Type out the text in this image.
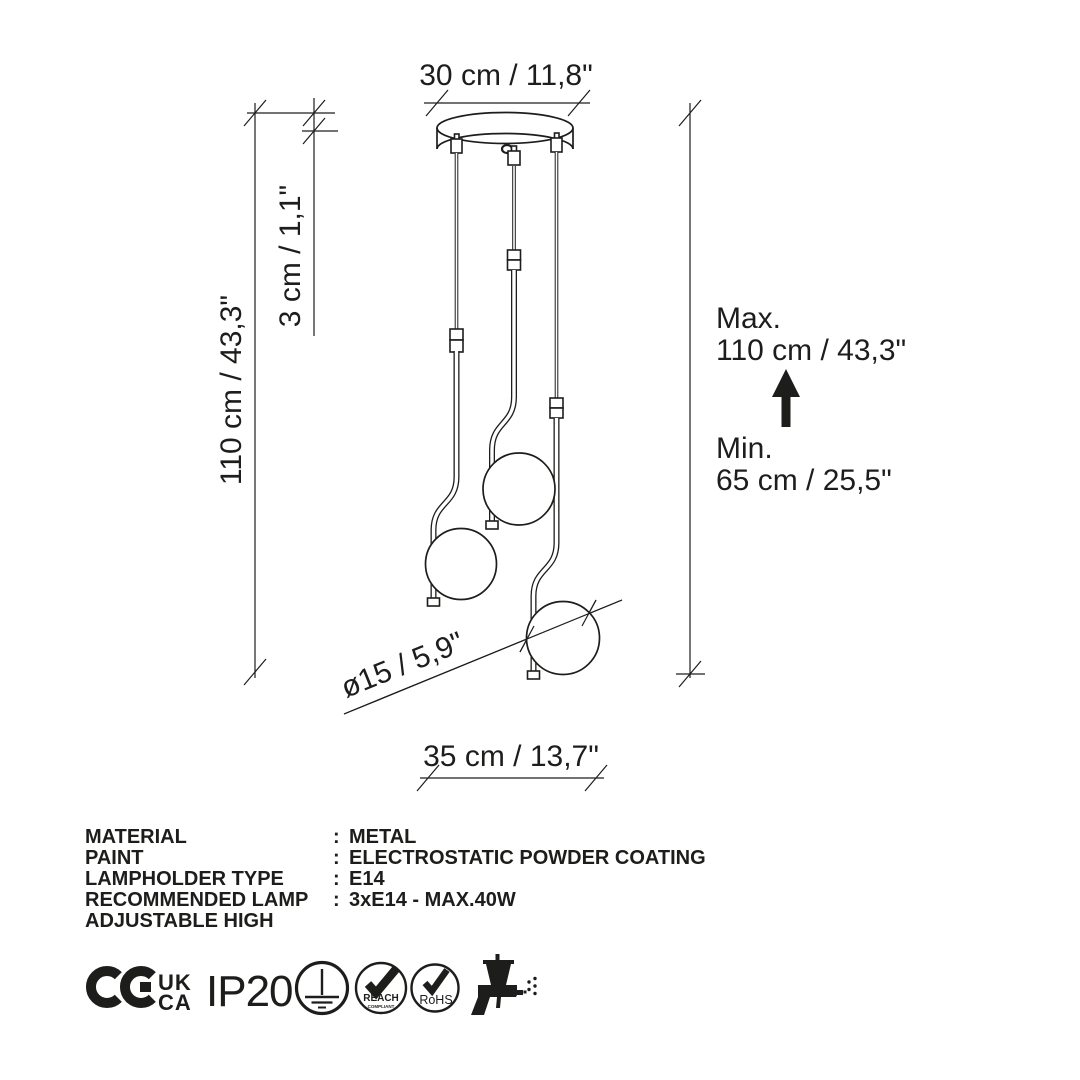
30 cm / 11,8"
110 cm / 43,3"
3 cm / 1,1"	Max.
110 cm / 43,3"
Min.
65 cm / 25,5"
ø15 / 5,9"
35 cm / 13,7"
UK
CA IP20	REACH
COMPLIANT RoHS
MATERIAL	: METAL
PAINT	: ELECTROSTATIC POWDER COATING
LAMPHOLDER TYPE	: E14
RECOMMENDED LAMP	: 3xE14 - MAX.40W
ADJUSTABLE HIGH
